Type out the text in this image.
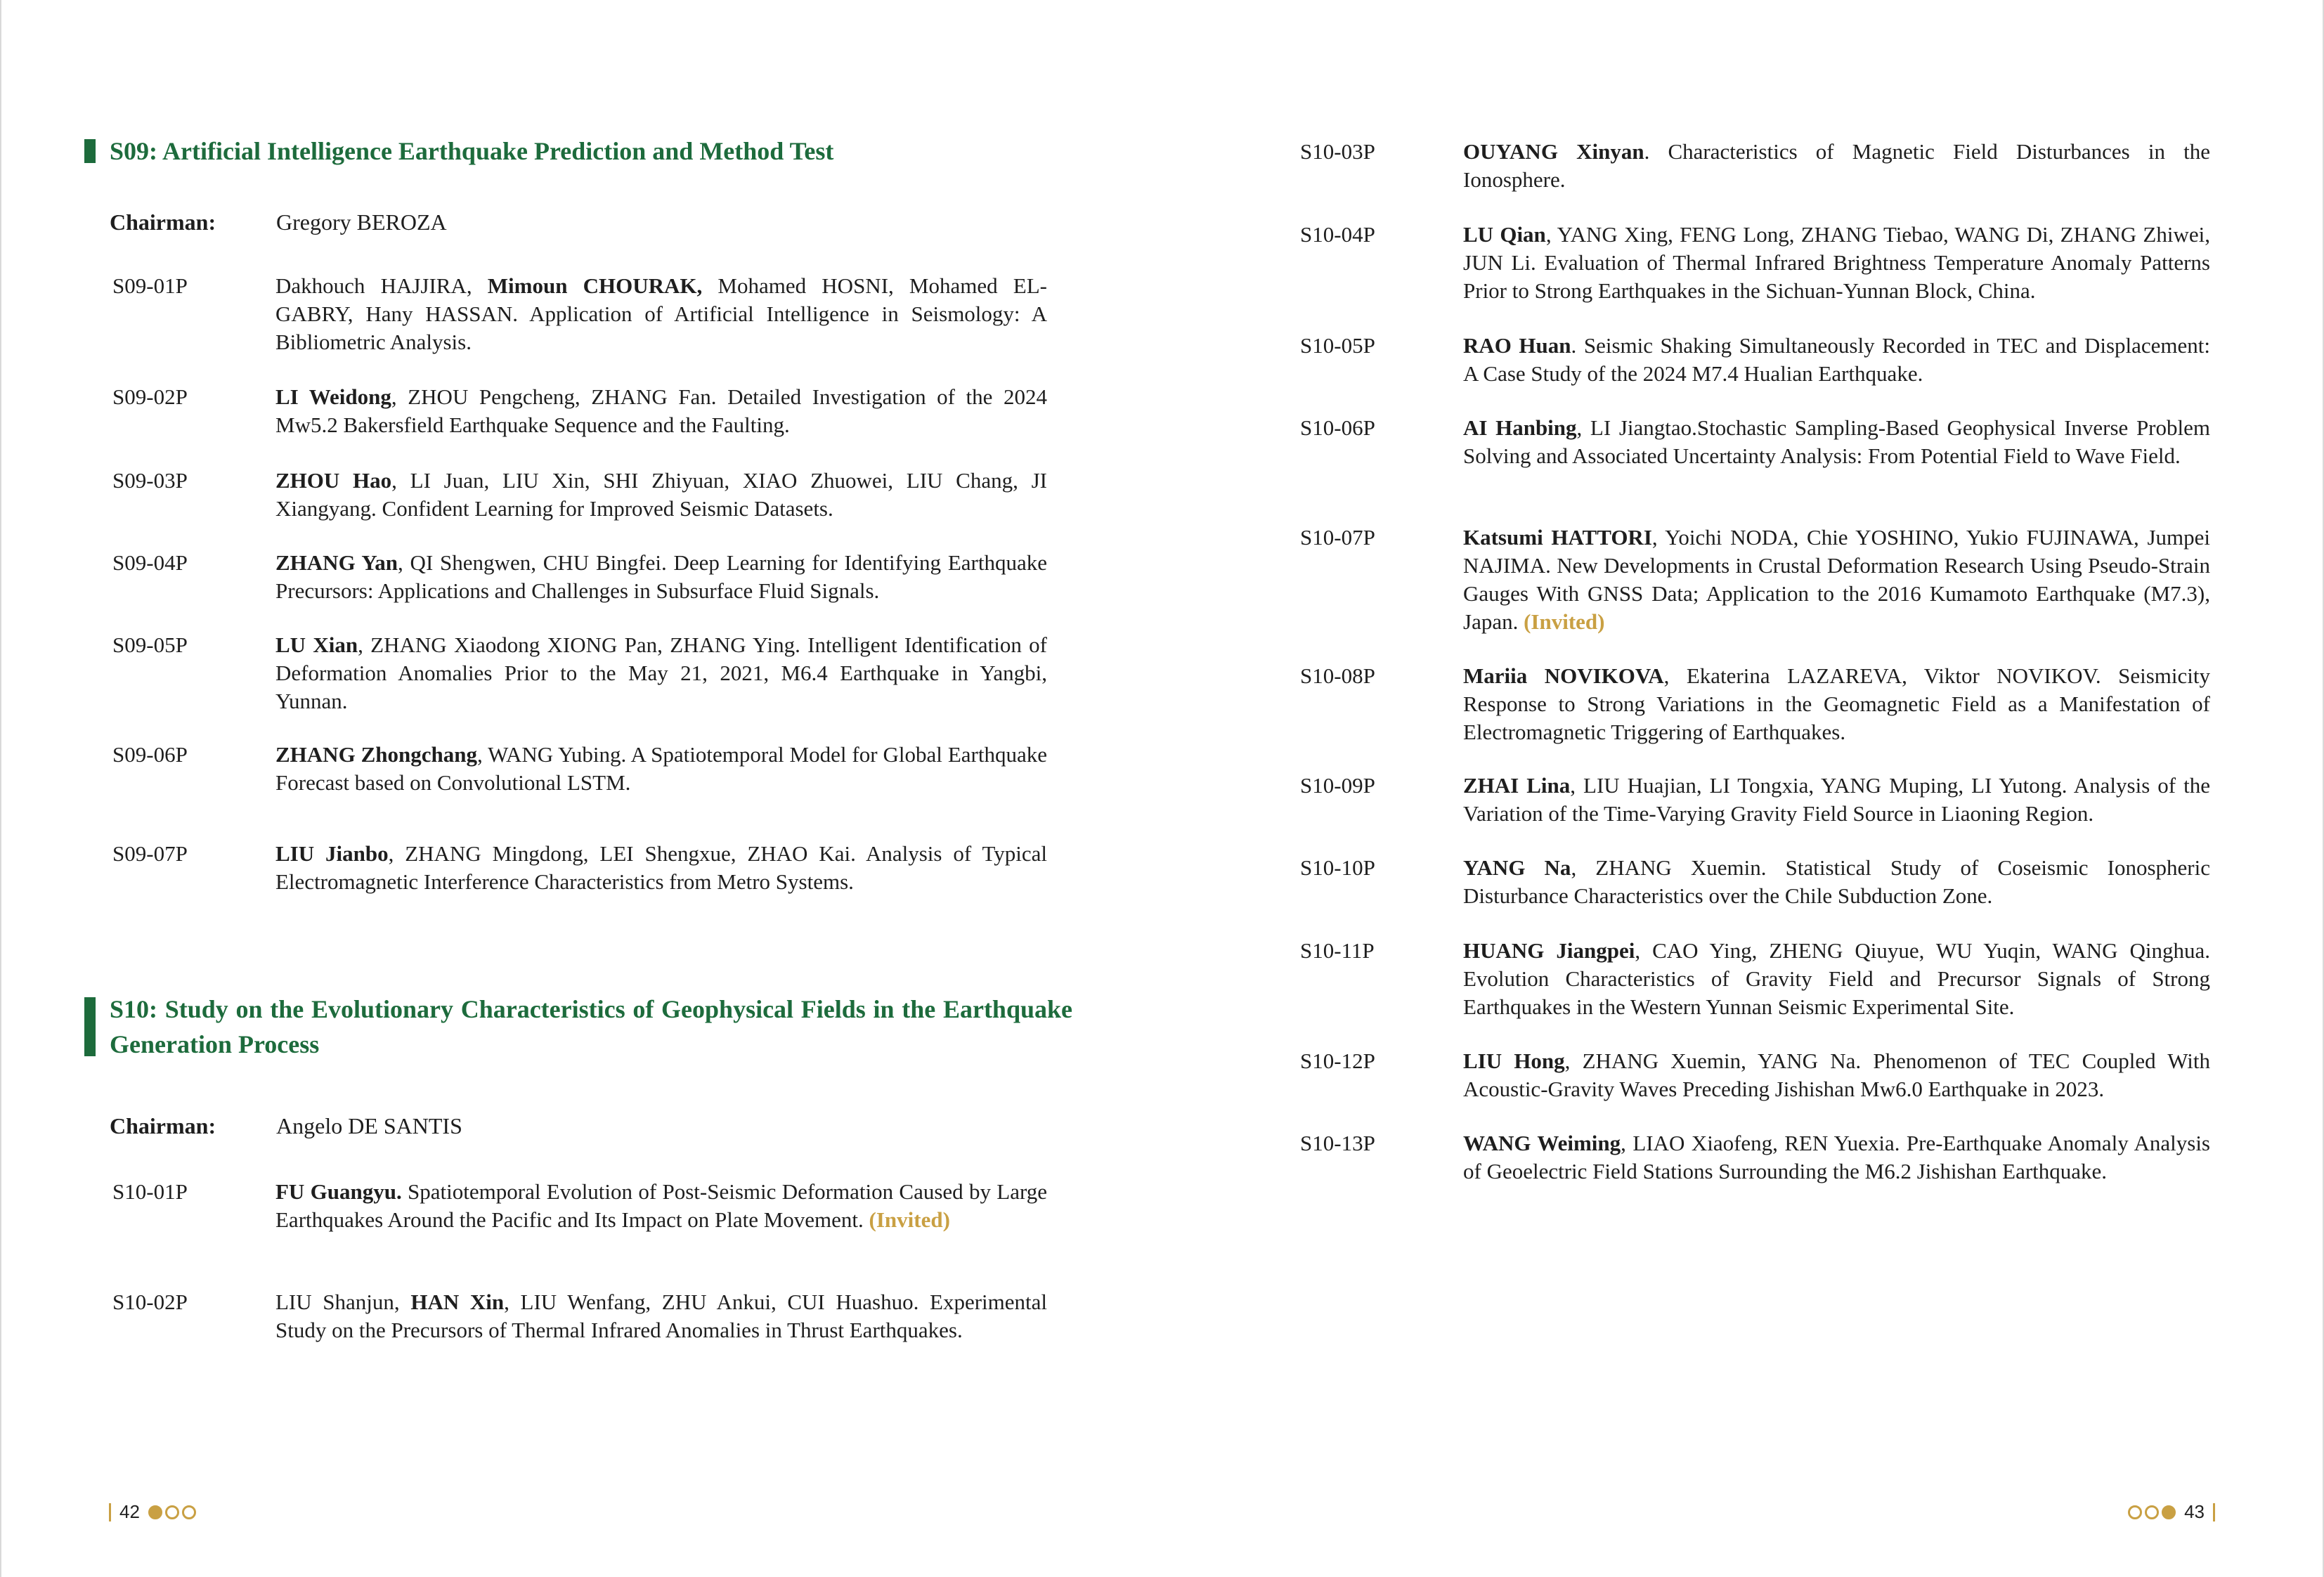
S09: Artificial Intelligence Earthquake Prediction and Method Test
Chairman:	Gregory BEROZA
S09-01P	Dakhouch HAJJIRA, Mimoun CHOURAK, Mohamed HOSNI, Mohamed EL-GABRY, Hany HASSAN. Application of Artificial Intelligence in Seismology: A Bibliometric Analysis.
S09-02P	LI Weidong, ZHOU Pengcheng, ZHANG Fan. Detailed Investigation of the 2024 Mw5.2 Bakersfield Earthquake Sequence and the Faulting.
S09-03P	ZHOU Hao, LI Juan, LIU Xin, SHI Zhiyuan, XIAO Zhuowei, LIU Chang, JI Xiangyang. Confident Learning for Improved Seismic Datasets.
S09-04P	ZHANG Yan, QI Shengwen, CHU Bingfei. Deep Learning for Identifying Earthquake Precursors: Applications and Challenges in Subsurface Fluid Signals.
S09-05P	LU Xian, ZHANG Xiaodong XIONG Pan, ZHANG Ying. Intelligent Identification of Deformation Anomalies Prior to the May 21, 2021, M6.4 Earthquake in Yangbi, Yunnan.
S09-06P	ZHANG Zhongchang, WANG Yubing. A Spatiotemporal Model for Global Earthquake Forecast based on Convolutional LSTM.
S09-07P	LIU Jianbo, ZHANG Mingdong, LEI Shengxue, ZHAO Kai. Analysis of Typical Electromagnetic Interference Characteristics from Metro Systems.
S10: Study on the Evolutionary Characteristics of Geophysical Fields in the Earthquake Generation Process
Chairman:	Angelo DE SANTIS
S10-01P	FU Guangyu. Spatiotemporal Evolution of Post-Seismic Deformation Caused by Large Earthquakes Around the Pacific and Its Impact on Plate Movement. (Invited)
S10-02P	LIU Shanjun, HAN Xin, LIU Wenfang, ZHU Ankui, CUI Huashuo. Experimental Study on the Precursors of Thermal Infrared Anomalies in Thrust Earthquakes.
S10-03P	OUYANG Xinyan. Characteristics of Magnetic Field Disturbances in the Ionosphere.
S10-04P	LU Qian, YANG Xing, FENG Long, ZHANG Tiebao, WANG Di, ZHANG Zhiwei, JUN Li. Evaluation of Thermal Infrared Brightness Temperature Anomaly Patterns Prior to Strong Earthquakes in the Sichuan-Yunnan Block, China.
S10-05P	RAO Huan. Seismic Shaking Simultaneously Recorded in TEC and Displacement: A Case Study of the 2024 M7.4 Hualian Earthquake.
S10-06P	AI Hanbing, LI Jiangtao.Stochastic Sampling-Based Geophysical Inverse Problem Solving and Associated Uncertainty Analysis: From Potential Field to Wave Field.
S10-07P	Katsumi HATTORI, Yoichi NODA, Chie YOSHINO, Yukio FUJINAWA, Jumpei NAJIMA. New Developments in Crustal Deformation Research Using Pseudo-Strain Gauges With GNSS Data; Application to the 2016 Kumamoto Earthquake (M7.3), Japan. (Invited)
S10-08P	Mariia NOVIKOVA, Ekaterina LAZAREVA, Viktor NOVIKOV. Seismicity Response to Strong Variations in the Geomagnetic Field as a Manifestation of Electromagnetic Triggering of Earthquakes.
S10-09P	ZHAI Lina, LIU Huajian, LI Tongxia, YANG Muping, LI Yutong. Analysis of the Variation of the Time-Varying Gravity Field Source in Liaoning Region.
S10-10P	YANG Na, ZHANG Xuemin. Statistical Study of Coseismic Ionospheric Disturbance Characteristics over the Chile Subduction Zone.
S10-11P	HUANG Jiangpei, CAO Ying, ZHENG Qiuyue, WU Yuqin, WANG Qinghua. Evolution Characteristics of Gravity Field and Precursor Signals of Strong Earthquakes in the Western Yunnan Seismic Experimental Site.
S10-12P	LIU Hong, ZHANG Xuemin, YANG Na. Phenomenon of TEC Coupled With Acoustic-Gravity Waves Preceding Jishishan Mw6.0 Earthquake in 2023.
S10-13P	WANG Weiming, LIAO Xiaofeng, REN Yuexia. Pre-Earthquake Anomaly Analysis of Geoelectric Field Stations Surrounding the M6.2 Jishishan Earthquake.
42	43
